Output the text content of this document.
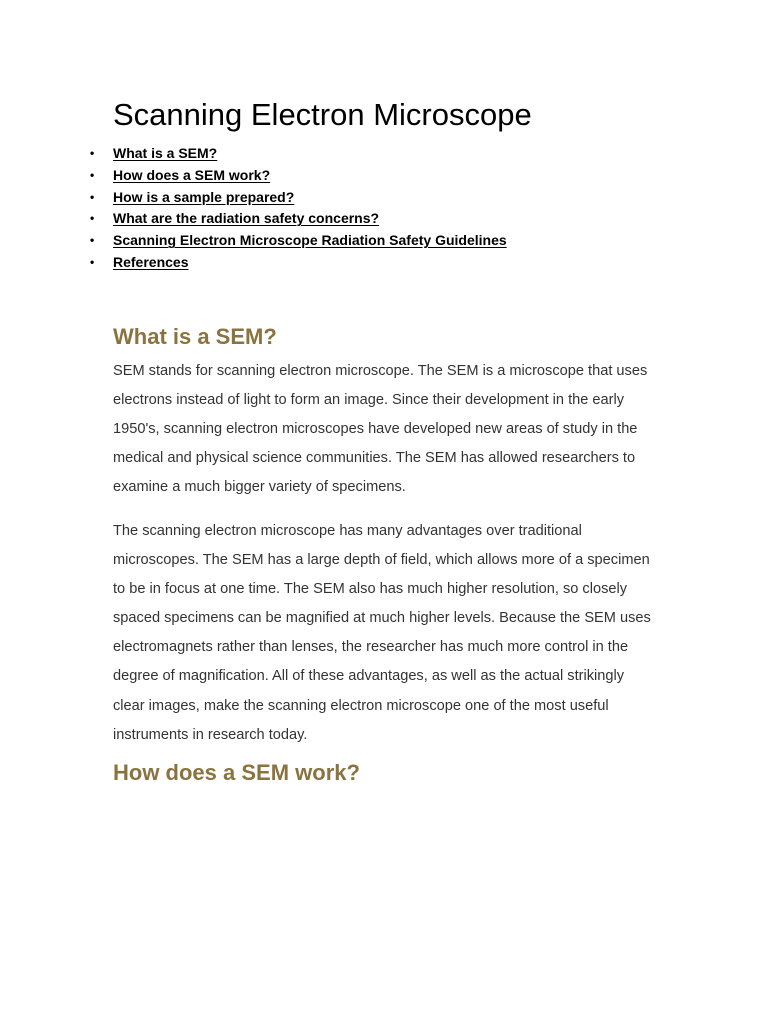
Scanning Electron Microscope
• What is a SEM?
• How does a SEM work?
• How is a sample prepared?
• What are the radiation safety concerns?
• Scanning Electron Microscope Radiation Safety Guidelines
• References
What is a SEM?

SEM stands for scanning electron microscope. The SEM is a microscope that uses electrons instead of light to form an image. Since their development in the early 1950's, scanning electron microscopes have developed new areas of study in the medical and physical science communities. The SEM has allowed researchers to examine a much bigger variety of specimens.

The scanning electron microscope has many advantages over traditional microscopes. The SEM has a large depth of field, which allows more of a specimen to be in focus at one time. The SEM also has much higher resolution, so closely spaced specimens can be magnified at much higher levels. Because the SEM uses electromagnets rather than lenses, the researcher has much more control in the degree of magnification. All of these advantages, as well as the actual strikingly clear images, make the scanning electron microscope one of the most useful instruments in research today.

How does a SEM work?
